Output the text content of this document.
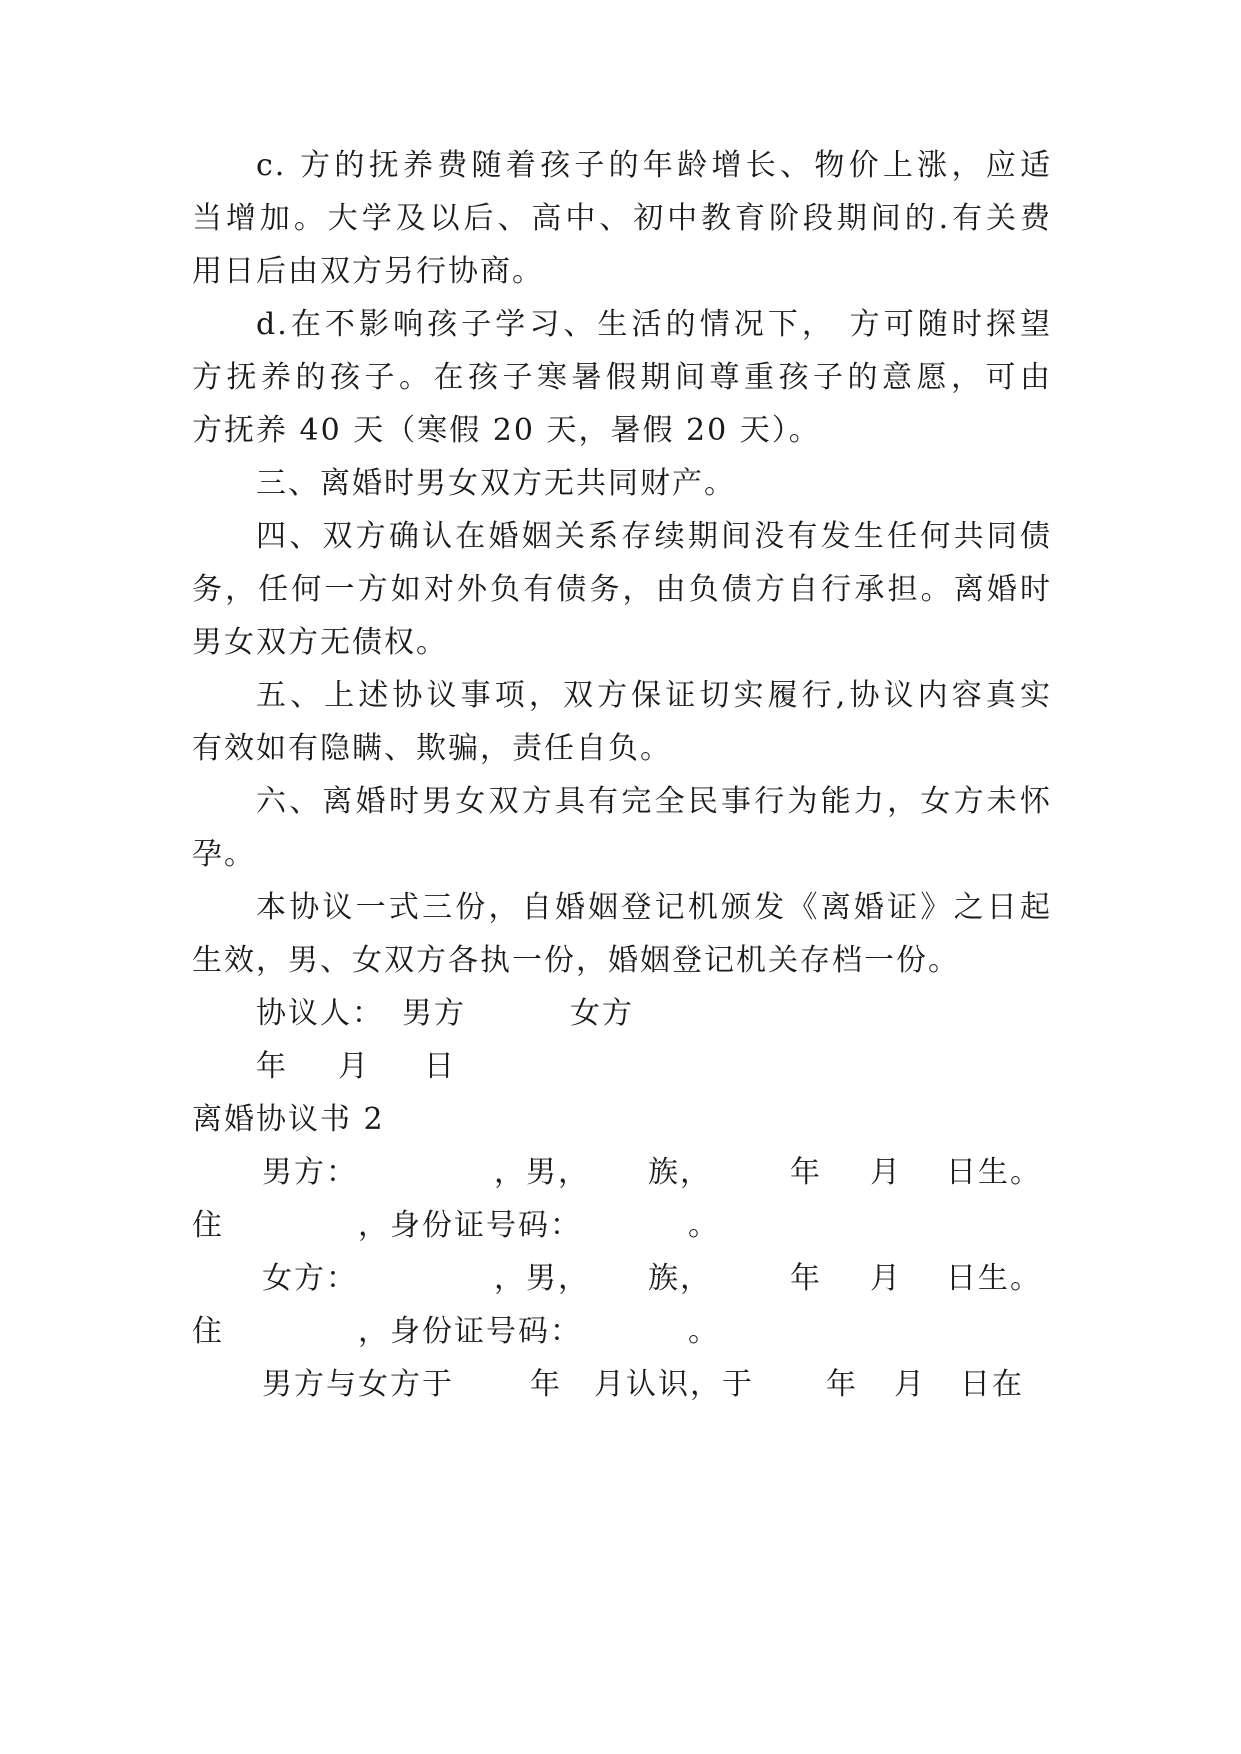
c. 方的抚养费随着孩子的年龄增长、物价上涨，应适
当增加。大学及以后、高中、初中教育阶段期间的.有关费
用日后由双方另行协商。
d.在不影响孩子学习、生活的情况下， 方可随时探望
方抚养的孩子。在孩子寒暑假期间尊重孩子的意愿，可由
方抚养 40 天（寒假 20 天，暑假 20 天）。
三、离婚时男女双方无共同财产。
四、双方确认在婚姻关系存续期间没有发生任何共同债
务，任何一方如对外负有债务，由负债方自行承担。离婚时
男女双方无债权。
五、上述协议事项，双方保证切实履行,协议内容真实
有效如有隐瞒、欺骗，责任自负。
六、离婚时男女双方具有完全民事行为能力，女方未怀
孕。
本协议一式三份，自婚姻登记机颁发《离婚证》之日起
生效，男、女双方各执一份，婚姻登记机关存档一份。
协议人： 男方	女方
年 月 日
离婚协议书 2
男方：	，男， 族，	年 月 日生。
住	，身份证号码：	。
女方：	，男， 族，	年 月 日生。
住	，身份证号码：	。
男方与女方于	年 月认识，于 年 月 日在
